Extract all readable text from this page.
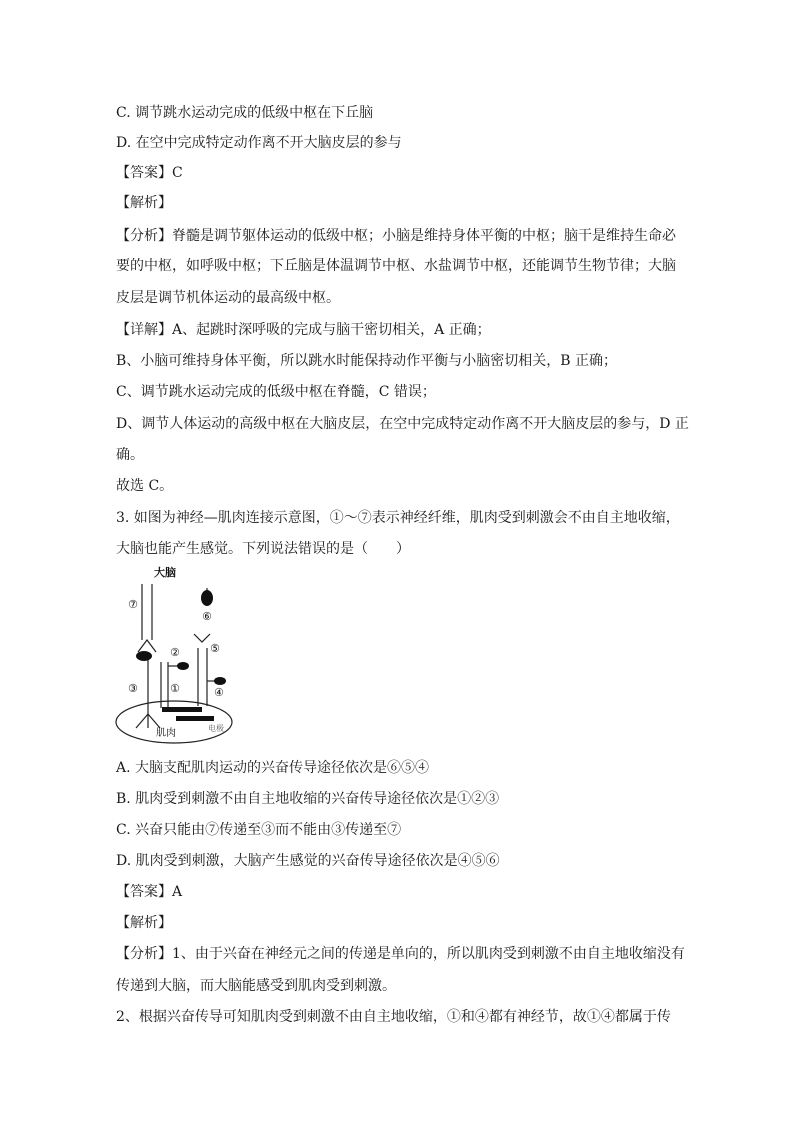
C. 调节跳水运动完成的低级中枢在下丘脑
D. 在空中完成特定动作离不开大脑皮层的参与
【答案】C
【解析】
【分析】脊髓是调节躯体运动的低级中枢；小脑是维持身体平衡的中枢；脑干是维持生命必
要的中枢，如呼吸中枢；下丘脑是体温调节中枢、水盐调节中枢，还能调节生物节律；大脑
皮层是调节机体运动的最高级中枢。
【详解】A、起跳时深呼吸的完成与脑干密切相关，A 正确；
B、小脑可维持身体平衡，所以跳水时能保持动作平衡与小脑密切相关，B 正确；
C、调节跳水运动完成的低级中枢在脊髓，C 错误；
D、调节人体运动的高级中枢在大脑皮层，在空中完成特定动作离不开大脑皮层的参与，D 正
确。
故选 C。
3. 如图为神经—肌肉连接示意图，①～⑦表示神经纤维，肌肉受到刺激会不由自主地收缩，
大脑也能产生感觉。下列说法错误的是（　　）
大脑
⑦
⑥
②	⑤
③	①	④
肌肉	电极
A. 大脑支配肌肉运动的兴奋传导途径依次是⑥⑤④
B. 肌肉受到刺激不由自主地收缩的兴奋传导途径依次是①②③
C. 兴奋只能由⑦传递至③而不能由③传递至⑦
D. 肌肉受到刺激，大脑产生感觉的兴奋传导途径依次是④⑤⑥
【答案】A
【解析】
【分析】1、由于兴奋在神经元之间的传递是单向的，所以肌肉受到刺激不由自主地收缩没有
传递到大脑，而大脑能感受到肌肉受到刺激。
2、根据兴奋传导可知肌肉受到刺激不由自主地收缩，①和④都有神经节，故①④都属于传
